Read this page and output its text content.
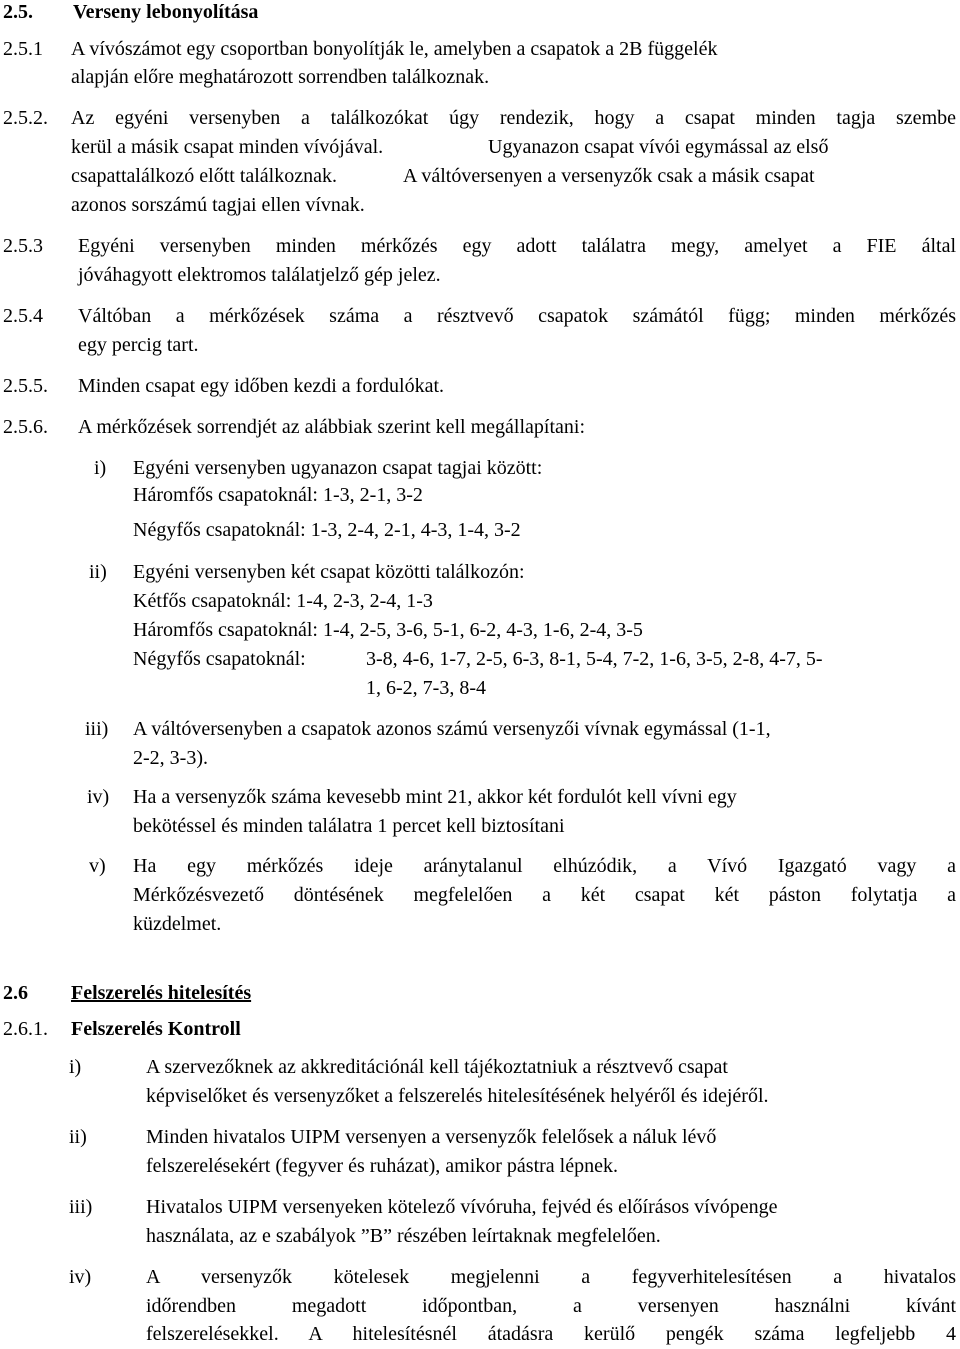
2.5. Verseny lebonyolítása
2.5.1 A vívószámot egy csoportban bonyolítják le, amelyben a csapatok a 2B függelék
alapján előre meghatározott sorrendben találkoznak.
2.5.2. Az egyéni versenyben a találkozókat úgy rendezik, hogy a csapat minden tagja szembe
kerül a másik csapat minden vívójával.	Ugyanazon csapat vívói egymással az első
csapattalálkozó előtt találkoznak.	A váltóversenyen a versenyzők csak a másik csapat
azonos sorszámú tagjai ellen vívnak.
2.5.3 Egyéni versenyben minden mérkőzés egy adott találatra megy, amelyet a FIE által
jóváhagyott elektromos találatjelző gép jelez.
2.5.4 Váltóban a mérkőzések száma a résztvevő csapatok számától függ; minden mérkőzés
egy percig tart.
2.5.5. Minden csapat egy időben kezdi a fordulókat.
2.5.6. A mérkőzések sorrendjét az alábbiak szerint kell megállapítani:
i) Egyéni versenyben ugyanazon csapat tagjai között:
Háromfős csapatoknál: 1-3, 2-1, 3-2
Négyfős csapatoknál: 1-3, 2-4, 2-1, 4-3, 1-4, 3-2
ii) Egyéni versenyben két csapat közötti találkozón:
Kétfős csapatoknál: 1-4, 2-3, 2-4, 1-3
Háromfős csapatoknál: 1-4, 2-5, 3-6, 5-1, 6-2, 4-3, 1-6, 2-4, 3-5
Négyfős csapatoknál:	3-8, 4-6, 1-7, 2-5, 6-3, 8-1, 5-4, 7-2, 1-6, 3-5, 2-8, 4-7, 5-
1, 6-2, 7-3, 8-4
iii) A váltóversenyben a csapatok azonos számú versenyzői vívnak egymással (1-1,
2-2, 3-3).
iv) Ha a versenyzők száma kevesebb mint 21, akkor két fordulót kell vívni egy
bekötéssel és minden találatra 1 percet kell biztosítani
v) Ha egy mérkőzés ideje aránytalanul elhúzódik, a Vívó Igazgató vagy a
Mérkőzésvezető döntésének megfelelően a két csapat két páston folytatja a
küzdelmet.
2.6 Felszerelés hitelesítés
2.6.1. Felszerelés Kontroll
i)	A szervezőknek az akkreditációnál kell tájékoztatniuk a résztvevő csapat
képviselőket és versenyzőket a felszerelés hitelesítésének helyéről és idejéről.
ii)	Minden hivatalos UIPM versenyen a versenyzők felelősek a náluk lévő
felszerelésekért (fegyver és ruházat), amikor pástra lépnek.
iii)	Hivatalos UIPM versenyeken kötelező vívóruha, fejvéd és előírásos vívópenge
használata, az e szabályok ”B” részében leírtaknak megfelelően.
iv)	A versenyzők kötelesek megjelenni a fegyverhitelesítésen a hivatalos
időrendben megadott időpontban, a versenyen használni kívánt
felszerelésekkel. A hitelesítésnél átadásra kerülő pengék száma legfeljebb 4
